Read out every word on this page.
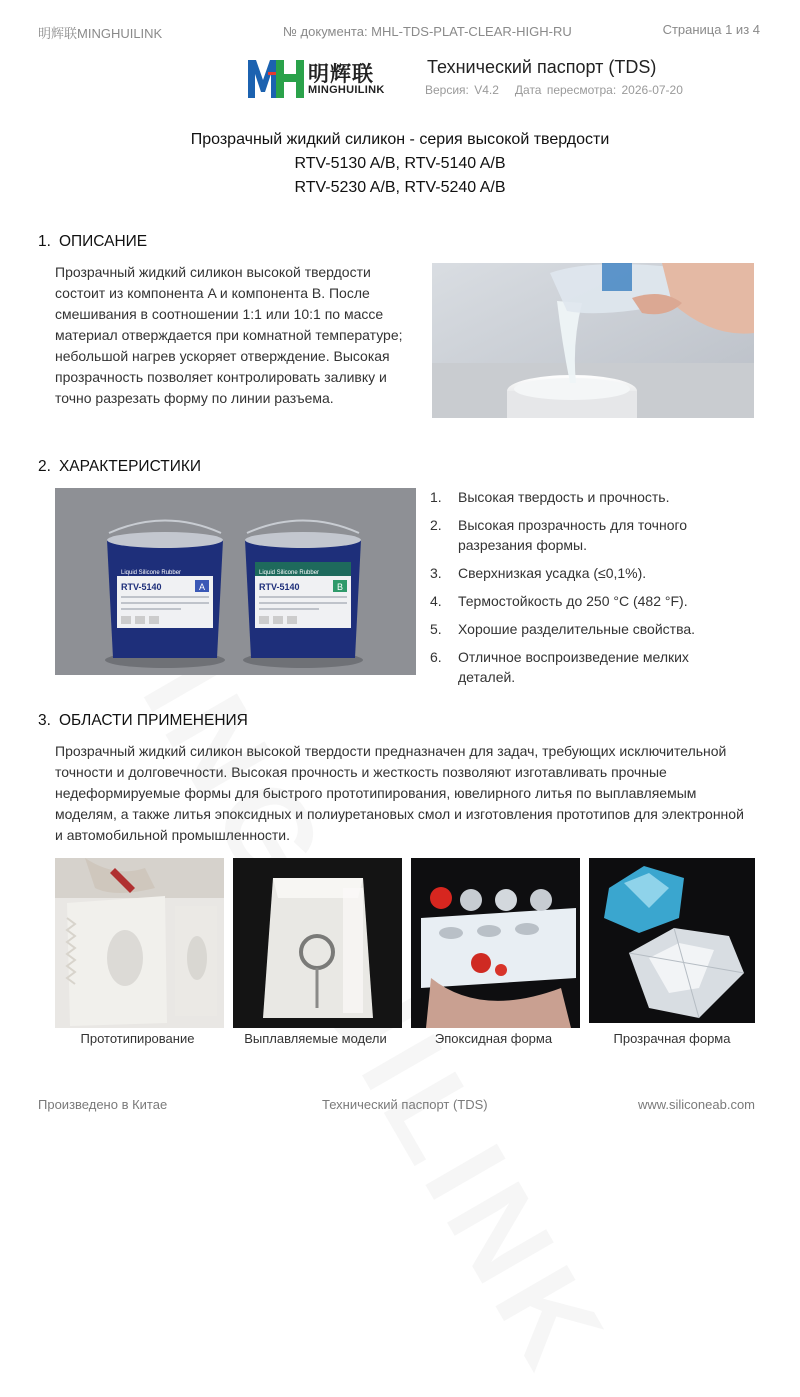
明辉联MINGHUILINK	№ документа: MHL-TDS-PLAT-CLEAR-HIGH-RU	Страница 1 из 4
明辉联
MINGHUILINK
Технический паспорт (TDS)
Версия: V4.2   Дата пересмотра: 2026-07-20
Прозрачный жидкий силикон - серия высокой твердости
RTV-5130 A/B, RTV-5140 A/B
RTV-5230 A/B, RTV-5240 A/B
1. ОПИСАНИЕ
Прозрачный жидкий силикон высокой твердости состоит из компонента A и компонента B. После смешивания в соотношении 1:1 или 10:1 по массе материал отверждается при комнатной температуре; небольшой нагрев ускоряет отверждение. Высокая прозрачность позволяет контролировать заливку и точно разрезать форму по линии разъема.
2. ХАРАКТЕРИСТИКИ
Liquid Silicone Rubber
RTV-5140	A
Liquid Silicone Rubber
RTV-5140	B
1.	Высокая твердость и прочность.
2.	Высокая прозрачность для точного разрезания формы.
3.	Сверхнизкая усадка (≤0,1%).
4.	Термостойкость до 250 °C (482 °F).
5.	Хорошие разделительные свойства.
6.	Отличное воспроизведение мелких деталей.
3. ОБЛАСТИ ПРИМЕНЕНИЯ
Прозрачный жидкий силикон высокой твердости предназначен для задач, требующих исключительной точности и долговечности. Высокая прочность и жесткость позволяют изготавливать прочные недеформируемые формы для быстрого прототипирования, ювелирного литья по выплавляемым моделям, а также литья эпоксидных и полиуретановых смол и изготовления прототипов для электронной и автомобильной промышленности.
Прототипирование	Выплавляемые модели	Эпоксидная форма	Прозрачная форма
Произведено в Китае	Технический паспорт (TDS)	www.siliconeab.com
